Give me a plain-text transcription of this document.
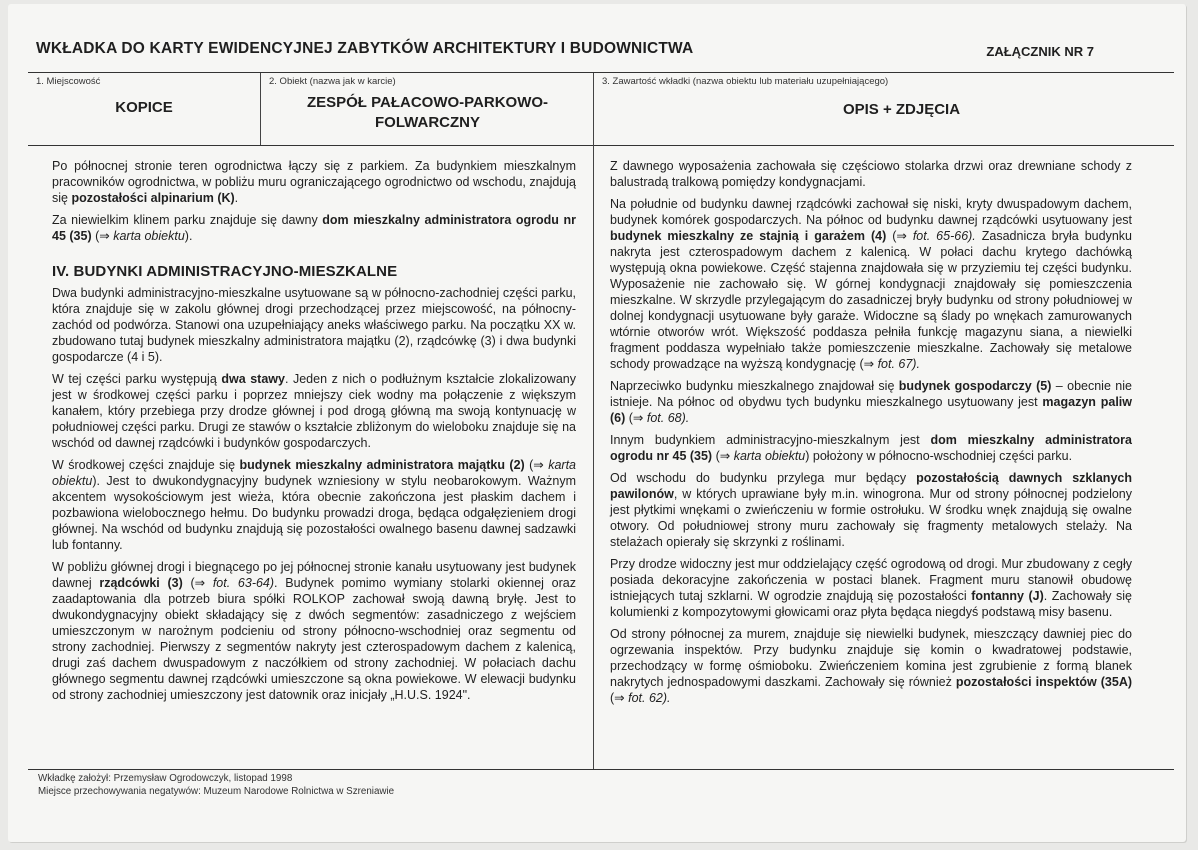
WKŁADKA DO KARTY EWIDENCYJNEJ ZABYTKÓW ARCHITEKTURY I BUDOWNICTWA	ZAŁĄCZNIK NR 7
1. Miejscowość
KOPICE
2. Obiekt (nazwa jak w karcie)
ZESPÓŁ PAŁACOWO-PARKOWO-FOLWARCZNY
3. Zawartość wkładki (nazwa obiektu lub materiału uzupełniającego)
OPIS + ZDJĘCIA

Po północnej stronie teren ogrodnictwa łączy się z parkiem. Za budynkiem mieszkalnym pracowników ogrodnictwa, w pobliżu muru ograniczającego ogrodnictwo od wschodu, znajdują się pozostałości alpinarium (K).

Za niewielkim klinem parku znajduje się dawny dom mieszkalny administratora ogrodu nr 45 (35) (⇒ karta obiektu).

IV. BUDYNKI ADMINISTRACYJNO-MIESZKALNE

Dwa budynki administracyjno-mieszkalne usytuowane są w północno-zachodniej części parku, która znajduje się w zakolu głównej drogi przechodzącej przez miejscowość, na północny-zachód od podwórza. Stanowi ona uzupełniający aneks właściwego parku. Na początku XX w. zbudowano tutaj budynek mieszkalny administratora majątku (2), rządcówkę (3) i dwa budynki gospodarcze (4 i 5).

W tej części parku występują dwa stawy. Jeden z nich o podłużnym kształcie zlokalizowany jest w środkowej części parku i poprzez mniejszy ciek wodny ma połączenie z większym kanałem, który przebiega przy drodze głównej i pod drogą główną ma swoją kontynuację w południowej części parku. Drugi ze stawów o kształcie zbliżonym do wieloboku znajduje się na wschód od dawnej rządcówki i budynków gospodarczych.

W środkowej części znajduje się budynek mieszkalny administratora majątku (2) (⇒ karta obiektu). Jest to dwukondygnacyjny budynek wzniesiony w stylu neobarokowym. Ważnym akcentem wysokościowym jest wieża, która obecnie zakończona jest płaskim dachem i pozbawiona wielobocznego hełmu. Do budynku prowadzi droga, będąca odgałęzieniem drogi głównej. Na wschód od budynku znajdują się pozostałości owalnego basenu dawnej sadzawki lub fontanny.

W pobliżu głównej drogi i biegnącego po jej północnej stronie kanału usytuowany jest budynek dawnej rządcówki (3) (⇒ fot. 63-64). Budynek pomimo wymiany stolarki okiennej oraz zaadaptowania dla potrzeb biura spółki ROLKOP zachował swoją dawną bryłę. Jest to dwukondygnacyjny obiekt składający się z dwóch segmentów: zasadniczego z wejściem umieszczonym w narożnym podcieniu od strony północno-wschodniej oraz segmentu od strony zachodniej. Pierwszy z segmentów nakryty jest czterospadowym dachem z kalenicą, drugi zaś dachem dwuspadowym z naczółkiem od strony zachodniej. W połaciach dachu głównego segmentu dawnej rządcówki umieszczone są okna powiekowe. W elewacji budynku od strony zachodniej umieszczony jest datownik oraz inicjały „H.U.S. 1924".

Z dawnego wyposażenia zachowała się częściowo stolarka drzwi oraz drewniane schody z balustradą tralkową pomiędzy kondygnacjami.

Na południe od budynku dawnej rządcówki zachował się niski, kryty dwuspadowym dachem, budynek komórek gospodarczych. Na północ od budynku dawnej rządcówki usytuowany jest budynek mieszkalny ze stajnią i garażem (4) (⇒ fot. 65-66). Zasadnicza bryła budynku nakryta jest czterospadowym dachem z kalenicą. W połaci dachu krytego dachówką występują okna powiekowe. Część stajenna znajdowała się w przyziemiu tej części budynku. Wyposażenie nie zachowało się. W górnej kondygnacji znajdowały się pomieszczenia mieszkalne. W skrzydle przylegającym do zasadniczej bryły budynku od strony południowej w dolnej kondygnacji usytuowane były garaże. Widoczne są ślady po wnękach zamurowanych wtórnie otworów wrót. Większość poddasza pełniła funkcję magazynu siana, a niewielki fragment poddasza wypełniało także pomieszczenie mieszkalne. Zachowały się metalowe schody prowadzące na wyższą kondygnację (⇒ fot. 67).

Naprzeciwko budynku mieszkalnego znajdował się budynek gospodarczy (5) – obecnie nie istnieje. Na północ od obydwu tych budynku mieszkalnego usytuowany jest magazyn paliw (6) (⇒ fot. 68).

Innym budynkiem administracyjno-mieszkalnym jest dom mieszkalny administratora ogrodu nr 45 (35) (⇒ karta obiektu) położony w północno-wschodniej części parku.

Od wschodu do budynku przylega mur będący pozostałością dawnych szklanych pawilonów, w których uprawiane były m.in. winogrona. Mur od strony północnej podzielony jest płytkimi wnękami o zwieńczeniu w formie ostrołuku. W środku wnęk znajdują się owalne otwory. Od południowej strony muru zachowały się fragmenty metalowych stelaży. Na stelażach opierały się skrzynki z roślinami.

Przy drodze widoczny jest mur oddzielający część ogrodową od drogi. Mur zbudowany z cegły posiada dekoracyjne zakończenia w postaci blanek. Fragment muru stanowił obudowę istniejących tutaj szklarni. W ogrodzie znajdują się pozostałości fontanny (J). Zachowały się kolumienki z kompozytowymi głowicami oraz płyta będąca niegdyś podstawą misy basenu.

Od strony północnej za murem, znajduje się niewielki budynek, mieszczący dawniej piec do ogrzewania inspektów. Przy budynku znajduje się komin o kwadratowej podstawie, przechodzący w formę ośmioboku. Zwieńczeniem komina jest zgrubienie z formą blanek nakrytych jednospadowymi daszkami. Zachowały się również pozostałości inspektów (35A) (⇒ fot. 62).

Wkładkę założył: Przemysław Ogrodowczyk, listopad 1998
Miejsce przechowywania negatywów: Muzeum Narodowe Rolnictwa w Szreniawie
